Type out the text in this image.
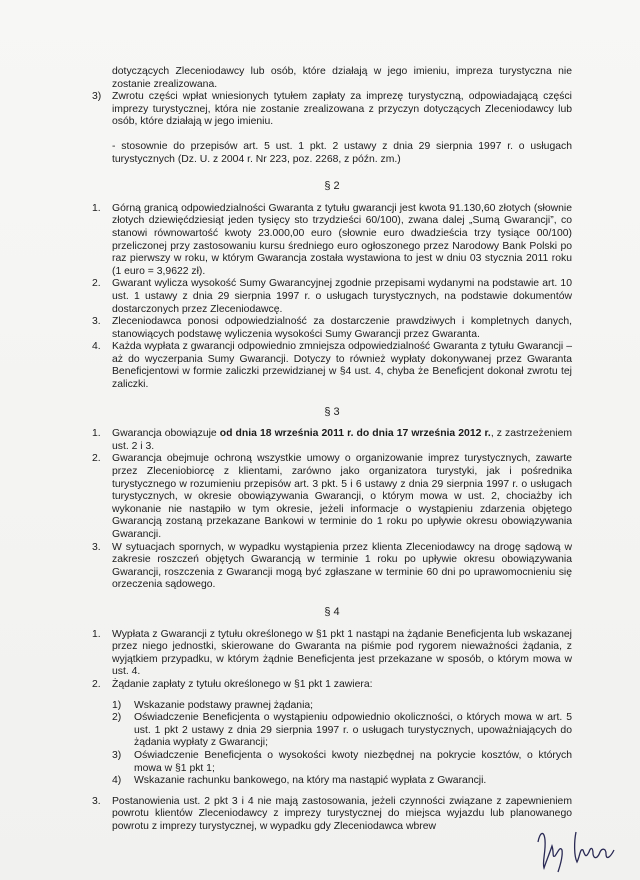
dotyczących Zleceniodawcy lub osób, które działają w jego imieniu, impreza turystyczna nie zostanie zrealizowana.

3)	Zwrotu części wpłat wniesionych tytułem zapłaty za imprezę turystyczną, odpowiadającą części imprezy turystycznej, która nie zostanie zrealizowana z przyczyn dotyczących Zleceniodawcy lub osób, które działają w jego imieniu.

- stosownie do przepisów art. 5 ust. 1 pkt. 2 ustawy z dnia 29 sierpnia 1997 r. o usługach turystycznych (Dz. U. z 2004 r. Nr 223, poz. 2268, z późn. zm.)

§ 2
1.	Górną granicą odpowiedzialności Gwaranta z tytułu gwarancji jest kwota 91.130,60 złotych (słownie złotych dziewięćdziesiąt jeden tysięcy sto trzydzieści 60/100), zwana dalej „Sumą Gwarancji”, co stanowi równowartość kwoty 23.000,00 euro (słownie euro dwadzieścia trzy tysiące 00/100) przeliczonej przy zastosowaniu kursu średniego euro ogłoszonego przez Narodowy Bank Polski po raz pierwszy w roku, w którym Gwarancja została wystawiona to jest w dniu 03 stycznia 2011 roku (1 euro = 3,9622 zł).
2.	Gwarant wylicza wysokość Sumy Gwarancyjnej zgodnie przepisami wydanymi na podstawie art. 10 ust. 1 ustawy z dnia 29 sierpnia 1997 r. o usługach turystycznych, na podstawie dokumentów dostarczonych przez Zleceniodawcę.
3.	Zleceniodawca ponosi odpowiedzialność za dostarczenie prawdziwych i kompletnych danych, stanowiących podstawę wyliczenia wysokości Sumy Gwarancji przez Gwaranta.
4.	Każda wypłata z gwarancji odpowiednio zmniejsza odpowiedzialność Gwaranta z tytułu Gwarancji – aż do wyczerpania Sumy Gwarancji. Dotyczy to również wypłaty dokonywanej przez Gwaranta Beneficjentowi w formie zaliczki przewidzianej w §4 ust. 4, chyba że Beneficjent dokonał zwrotu tej zaliczki.
§ 3
1.	Gwarancja obowiązuje od dnia 18 września 2011 r. do dnia 17 września 2012 r., z zastrzeżeniem ust. 2 i 3.
2.	Gwarancja obejmuje ochroną wszystkie umowy o organizowanie imprez turystycznych, zawarte przez Zleceniobiorcę z klientami, zarówno jako organizatora turystyki, jak i pośrednika turystycznego w rozumieniu przepisów art. 3 pkt. 5 i 6 ustawy z dnia 29 sierpnia 1997 r. o usługach turystycznych, w okresie obowiązywania Gwarancji, o którym mowa w ust. 2, chociażby ich wykonanie nie nastąpiło w tym okresie, jeżeli informacje o wystąpieniu zdarzenia objętego Gwarancją zostaną przekazane Bankowi w terminie do 1 roku po upływie okresu obowiązywania Gwarancji.
3.	W sytuacjach spornych, w wypadku wystąpienia przez klienta Zleceniodawcy na drogę sądową w zakresie roszczeń objętych Gwarancją w terminie 1 roku po upływie okresu obowiązywania Gwarancji, roszczenia z Gwarancji mogą być zgłaszane w terminie 60 dni po uprawomocnieniu się orzeczenia sądowego.
§ 4
1.	Wypłata z Gwarancji z tytułu określonego w §1 pkt 1 nastąpi na żądanie Beneficjenta lub wskazanej przez niego jednostki, skierowane do Gwaranta na piśmie pod rygorem nieważności żądania, z wyjątkiem przypadku, w którym żądnie Beneficjenta jest przekazane w sposób, o którym mowa w ust. 4.
2.	Żądanie zapłaty z tytułu określonego w §1 pkt 1 zawiera:
1)	Wskazanie podstawy prawnej żądania;
2)	Oświadczenie Beneficjenta o wystąpieniu odpowiednio okoliczności, o których mowa w art. 5 ust. 1 pkt 2 ustawy z dnia 29 sierpnia 1997 r. o usługach turystycznych, upoważniających do żądania wypłaty z Gwarancji;
3)	Oświadczenie Beneficjenta o wysokości kwoty niezbędnej na pokrycie kosztów, o których mowa w §1 pkt 1;
4)	Wskazanie rachunku bankowego, na który ma nastąpić wypłata z Gwarancji.
3.	Postanowienia ust. 2 pkt 3 i 4 nie mają zastosowania, jeżeli czynności związane z zapewnieniem powrotu klientów Zleceniodawcy z imprezy turystycznej do miejsca wyjazdu lub planowanego powrotu z imprezy turystycznej, w wypadku gdy Zleceniodawca wbrew
